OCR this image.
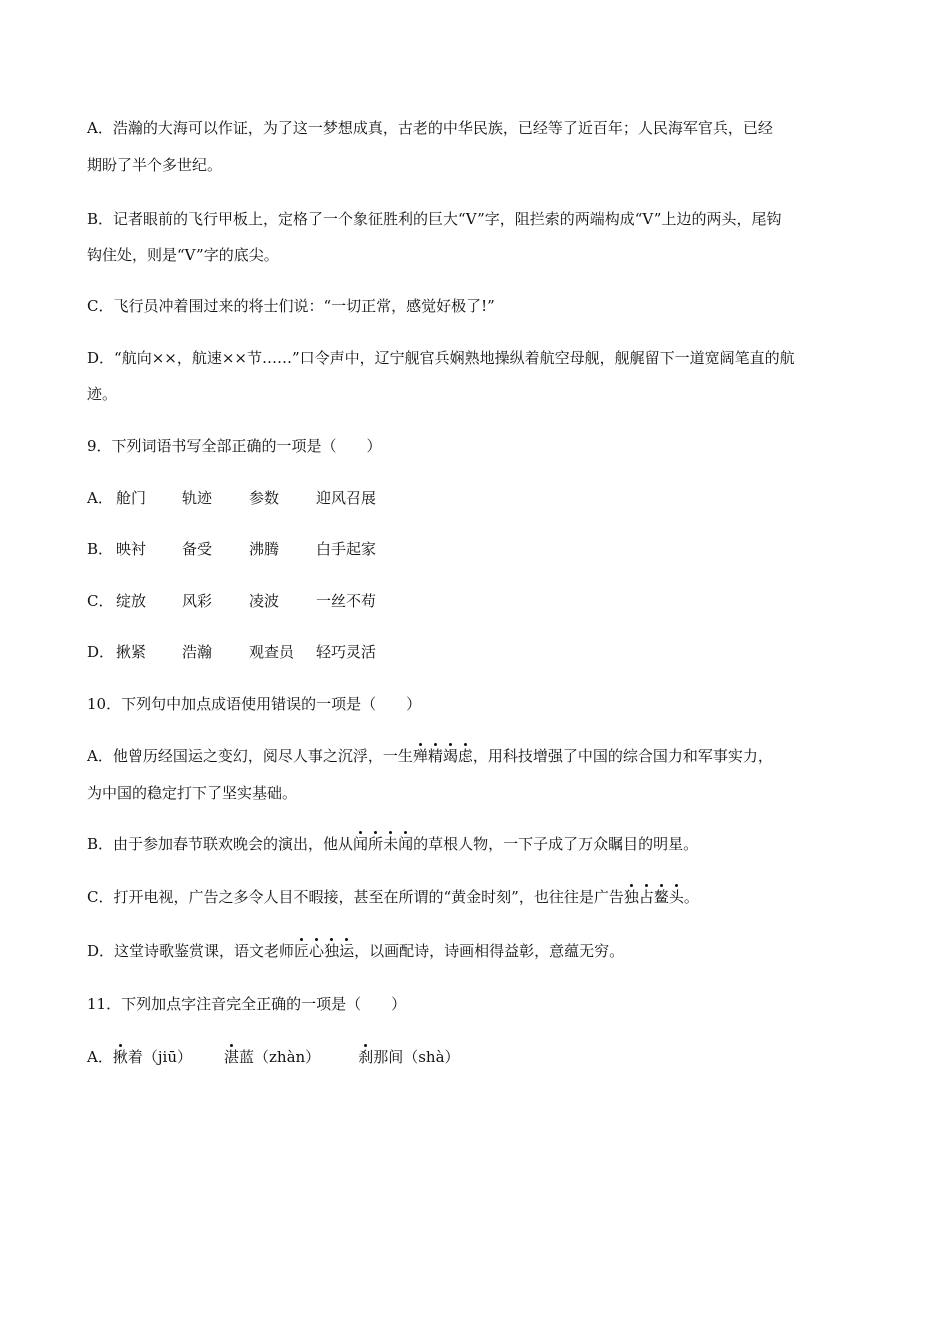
A．浩瀚的大海可以作证，为了这一梦想成真，古老的中华民族，已经等了近百年；人民海军官兵，已经
期盼了半个多世纪。
B．记者眼前的飞行甲板上，定格了一个象征胜利的巨大“V”字，阻拦索的两端构成“V”上边的两头，尾钩
钩住处，则是“V”字的底尖。
C．飞行员冲着围过来的将士们说：“一切正常，感觉好极了!”
D．“航向××，航速××节……”口令声中，辽宁舰官兵娴熟地操纵着航空母舰，舰艉留下一道宽阔笔直的航
迹。
9．下列词语书写全部正确的一项是（　　）
A． 舱门 轨迹 参数 迎风召展
B． 映衬 备受 沸腾 白手起家
C． 绽放 风彩 凌波 一丝不苟
D． 揪紧 浩瀚 观查员 轻巧灵活
10．下列句中加点成语使用错误的一项是（　　）
A．他曾历经国运之变幻，阅尽人事之沉浮，一生殚精竭虑，用科技增强了中国的综合国力和军事实力，
为中国的稳定打下了坚实基础。
B．由于参加春节联欢晚会的演出，他从闻所未闻的草根人物，一下子成了万众瞩目的明星。
C．打开电视，广告之多令人目不暇接，甚至在所谓的“黄金时刻”，也往往是广告独占鳌头。
D．这堂诗歌鉴赏课，语文老师匠心独运，以画配诗，诗画相得益彰，意蕴无穷。
11．下列加点字注音完全正确的一项是（　　）
A．揪着（jiū） 湛蓝（zhàn）	刹那间（shà）
